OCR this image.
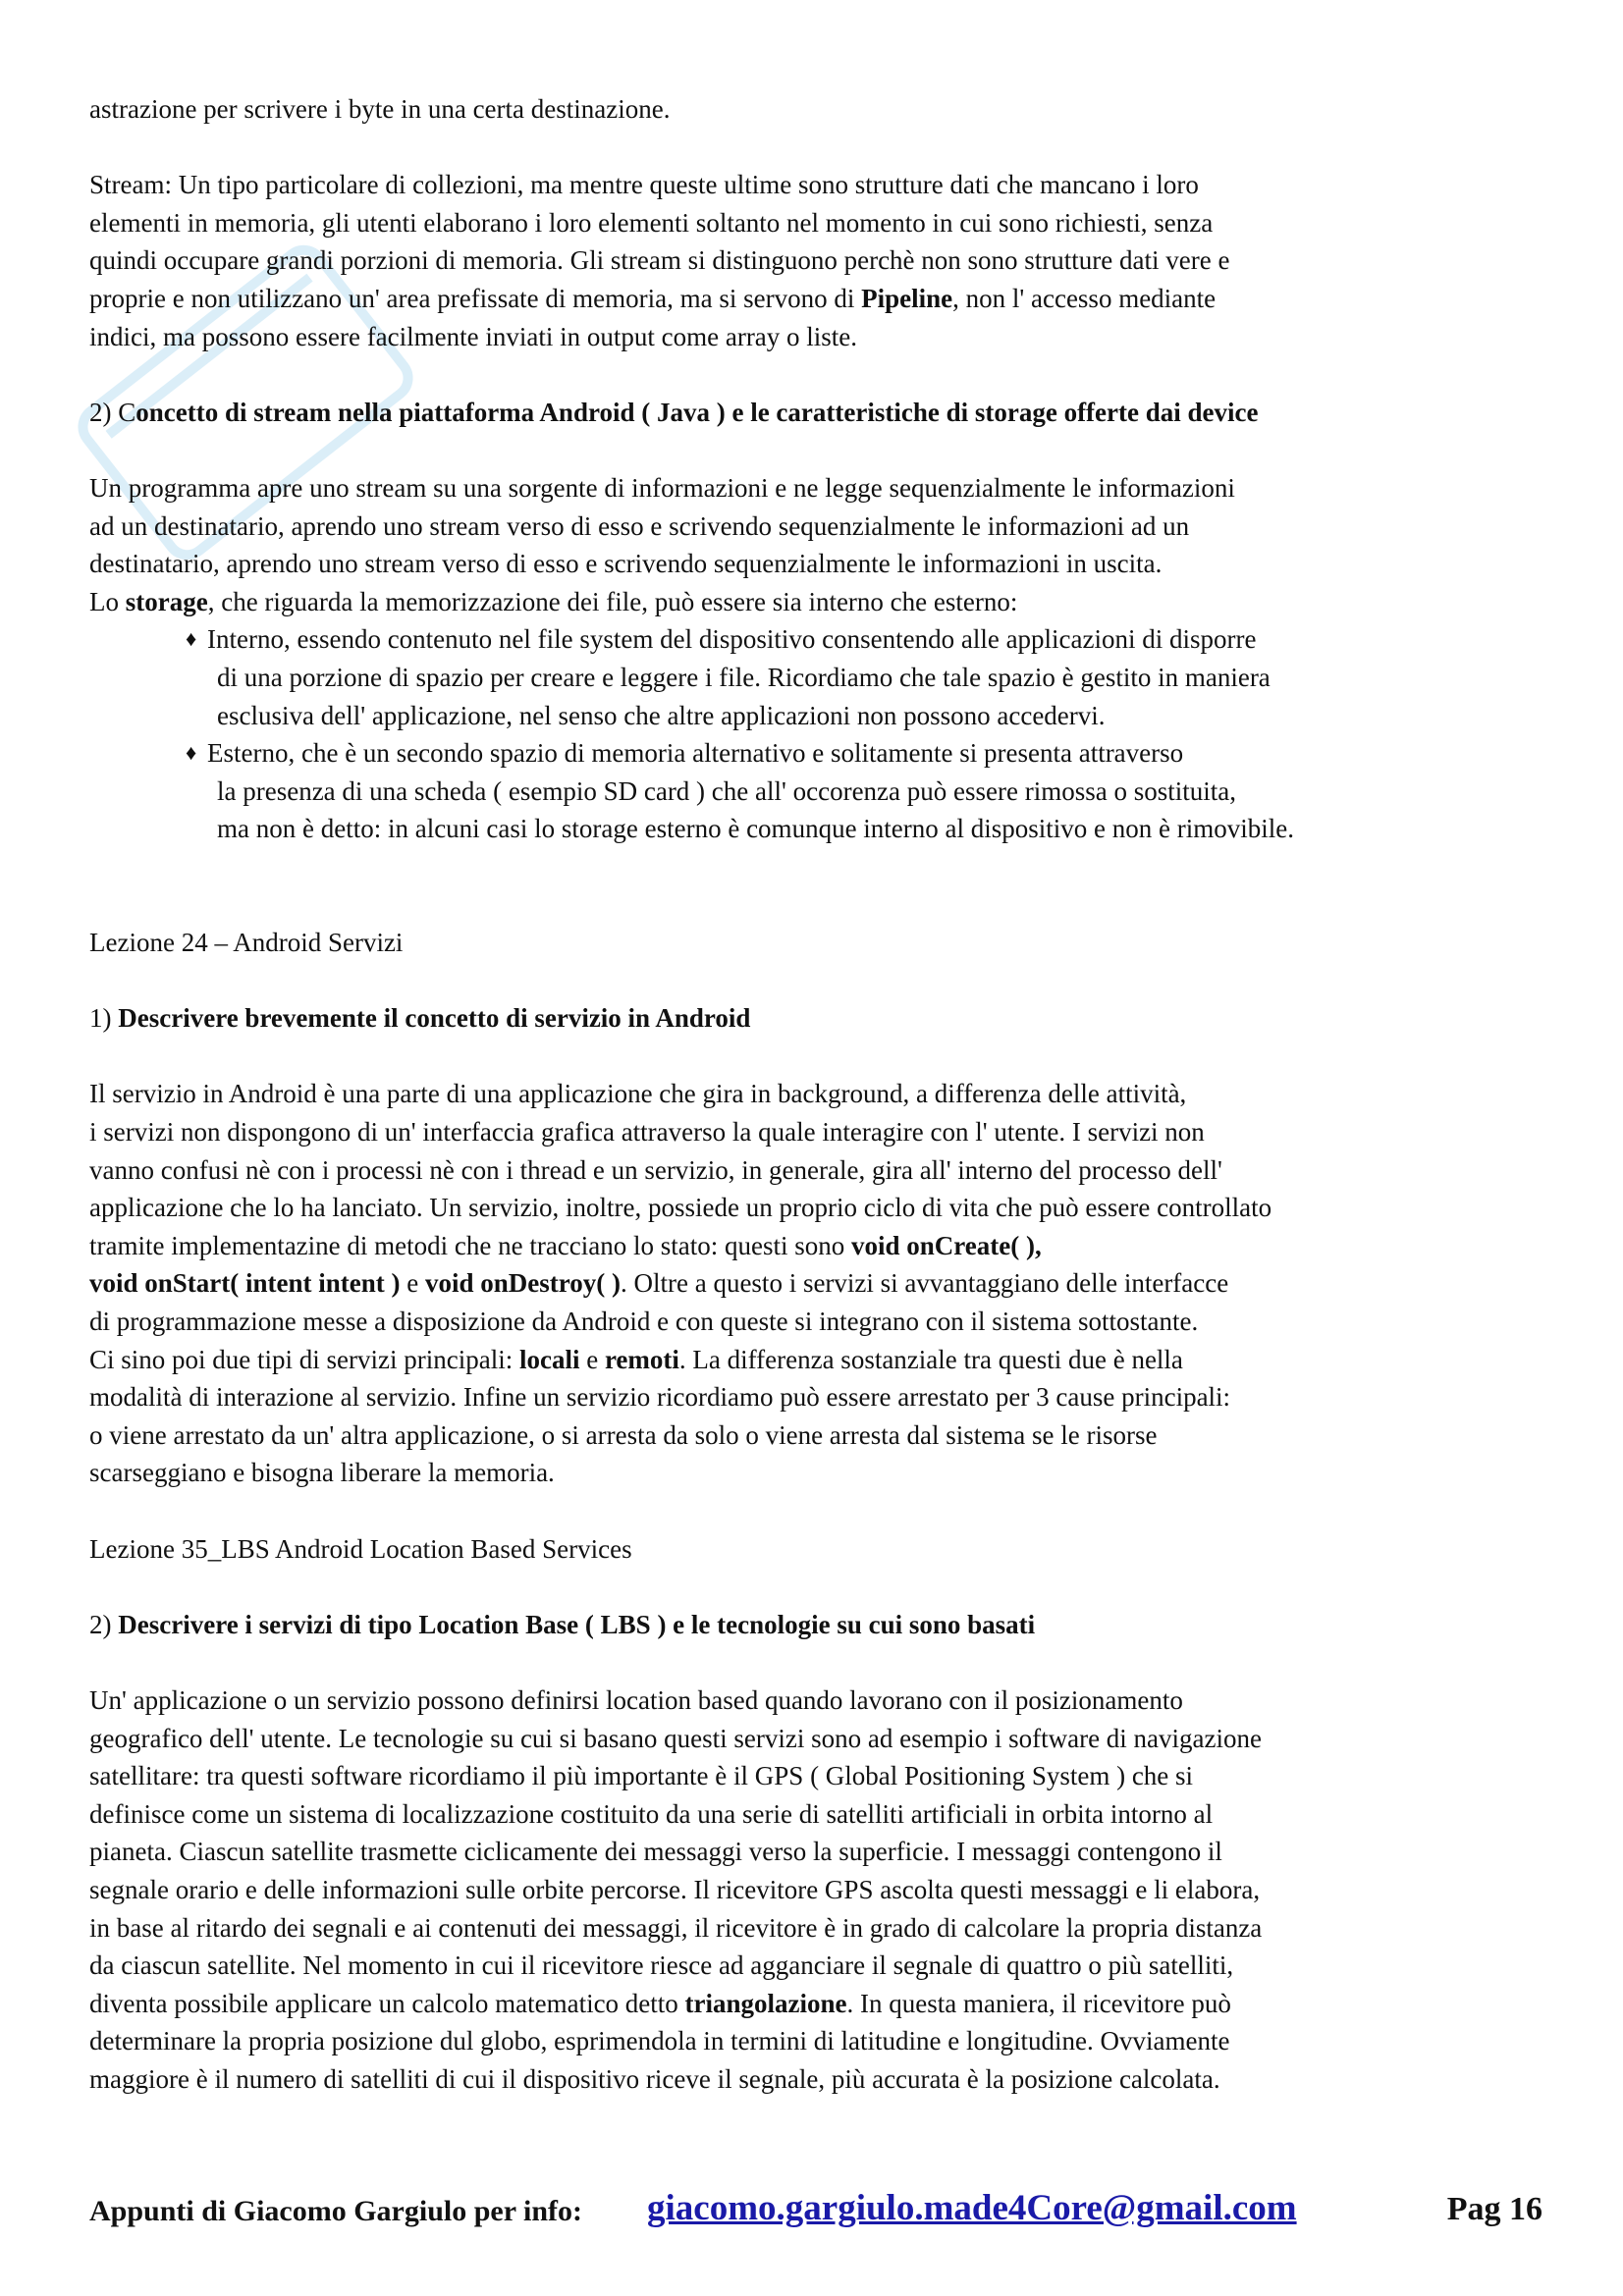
astrazione per scrivere i byte in una certa destinazione.
Stream: Un tipo particolare di collezioni, ma mentre queste ultime sono strutture dati che mancano i loro
elementi in memoria, gli utenti elaborano i loro elementi soltanto nel momento in cui sono richiesti, senza
quindi occupare grandi porzioni di memoria. Gli stream si distinguono perchè non sono strutture dati vere e
proprie e non utilizzano un' area prefissate di memoria, ma si servono di Pipeline, non l' accesso mediante
indici, ma possono essere facilmente inviati in output come array o liste.
2) Concetto di stream nella piattaforma Android ( Java ) e le caratteristiche di storage offerte dai device
Un programma apre uno stream su una sorgente di informazioni e ne legge sequenzialmente le informazioni
ad un destinatario, aprendo uno stream verso di esso e scrivendo sequenzialmente le informazioni ad un
destinatario, aprendo uno stream verso di esso e scrivendo sequenzialmente le informazioni in uscita.
Lo storage, che riguarda la memorizzazione dei file, può essere sia interno che esterno:
♦ Interno, essendo contenuto nel file system del dispositivo consentendo alle applicazioni di disporre
di una porzione di spazio per creare e leggere i file. Ricordiamo che tale spazio è gestito in maniera
esclusiva dell' applicazione, nel senso che altre applicazioni non possono accedervi.
♦ Esterno, che è un secondo spazio di memoria alternativo e solitamente si presenta attraverso
la presenza di una scheda ( esempio SD card ) che all' occorenza può essere rimossa o sostituita,
ma non è detto: in alcuni casi lo storage esterno è comunque interno al dispositivo e non è rimovibile.
Lezione 24 – Android Servizi
1) Descrivere brevemente il concetto di servizio in Android
Il servizio in Android è una parte di una applicazione che gira in background, a differenza delle attività,
i servizi non dispongono di un' interfaccia grafica attraverso la quale interagire con l' utente. I servizi non
vanno confusi nè con i processi nè con i thread e un servizio, in generale, gira all' interno del processo dell'
applicazione che lo ha lanciato. Un servizio, inoltre, possiede un proprio ciclo di vita che può essere controllato
tramite implementazine di metodi che ne tracciano lo stato: questi sono void onCreate( ),
void onStart( intent intent ) e void onDestroy( ). Oltre a questo i servizi si avvantaggiano delle interfacce
di programmazione messe a disposizione da Android e con queste si integrano con il sistema sottostante.
Ci sino poi due tipi di servizi principali: locali e remoti. La differenza sostanziale tra questi due è nella
modalità di interazione al servizio. Infine un servizio ricordiamo può essere arrestato per 3 cause principali:
o viene arrestato da un' altra applicazione, o si arresta da solo o viene arresta dal sistema se le risorse
scarseggiano e bisogna liberare la memoria.
Lezione 35_LBS Android Location Based Services
2) Descrivere i servizi di tipo Location Base ( LBS ) e le tecnologie su cui sono basati
Un' applicazione o un servizio possono definirsi location based quando lavorano con il posizionamento
geografico dell' utente. Le tecnologie su cui si basano questi servizi sono ad esempio i software di navigazione
satellitare: tra questi software ricordiamo il più importante è il GPS ( Global Positioning System ) che si
definisce come un sistema di localizzazione costituito da una serie di satelliti artificiali in orbita intorno al
pianeta. Ciascun satellite trasmette ciclicamente dei messaggi verso la superficie. I messaggi contengono il
segnale orario e delle informazioni sulle orbite percorse. Il ricevitore GPS ascolta questi messaggi e li elabora,
in base al ritardo dei segnali e ai contenuti dei messaggi, il ricevitore è in grado di calcolare la propria distanza
da ciascun satellite. Nel momento in cui il ricevitore riesce ad agganciare il segnale di quattro o più satelliti,
diventa possibile applicare un calcolo matematico detto triangolazione. In questa maniera, il ricevitore può
determinare la propria posizione dul globo, esprimendola in termini di latitudine e longitudine. Ovviamente
maggiore è il numero di satelliti di cui il dispositivo riceve il segnale, più accurata è la posizione calcolata.
Appunti di Giacomo Gargiulo per info: giacomo.gargiulo.made4Core@gmail.com	Pag 16
